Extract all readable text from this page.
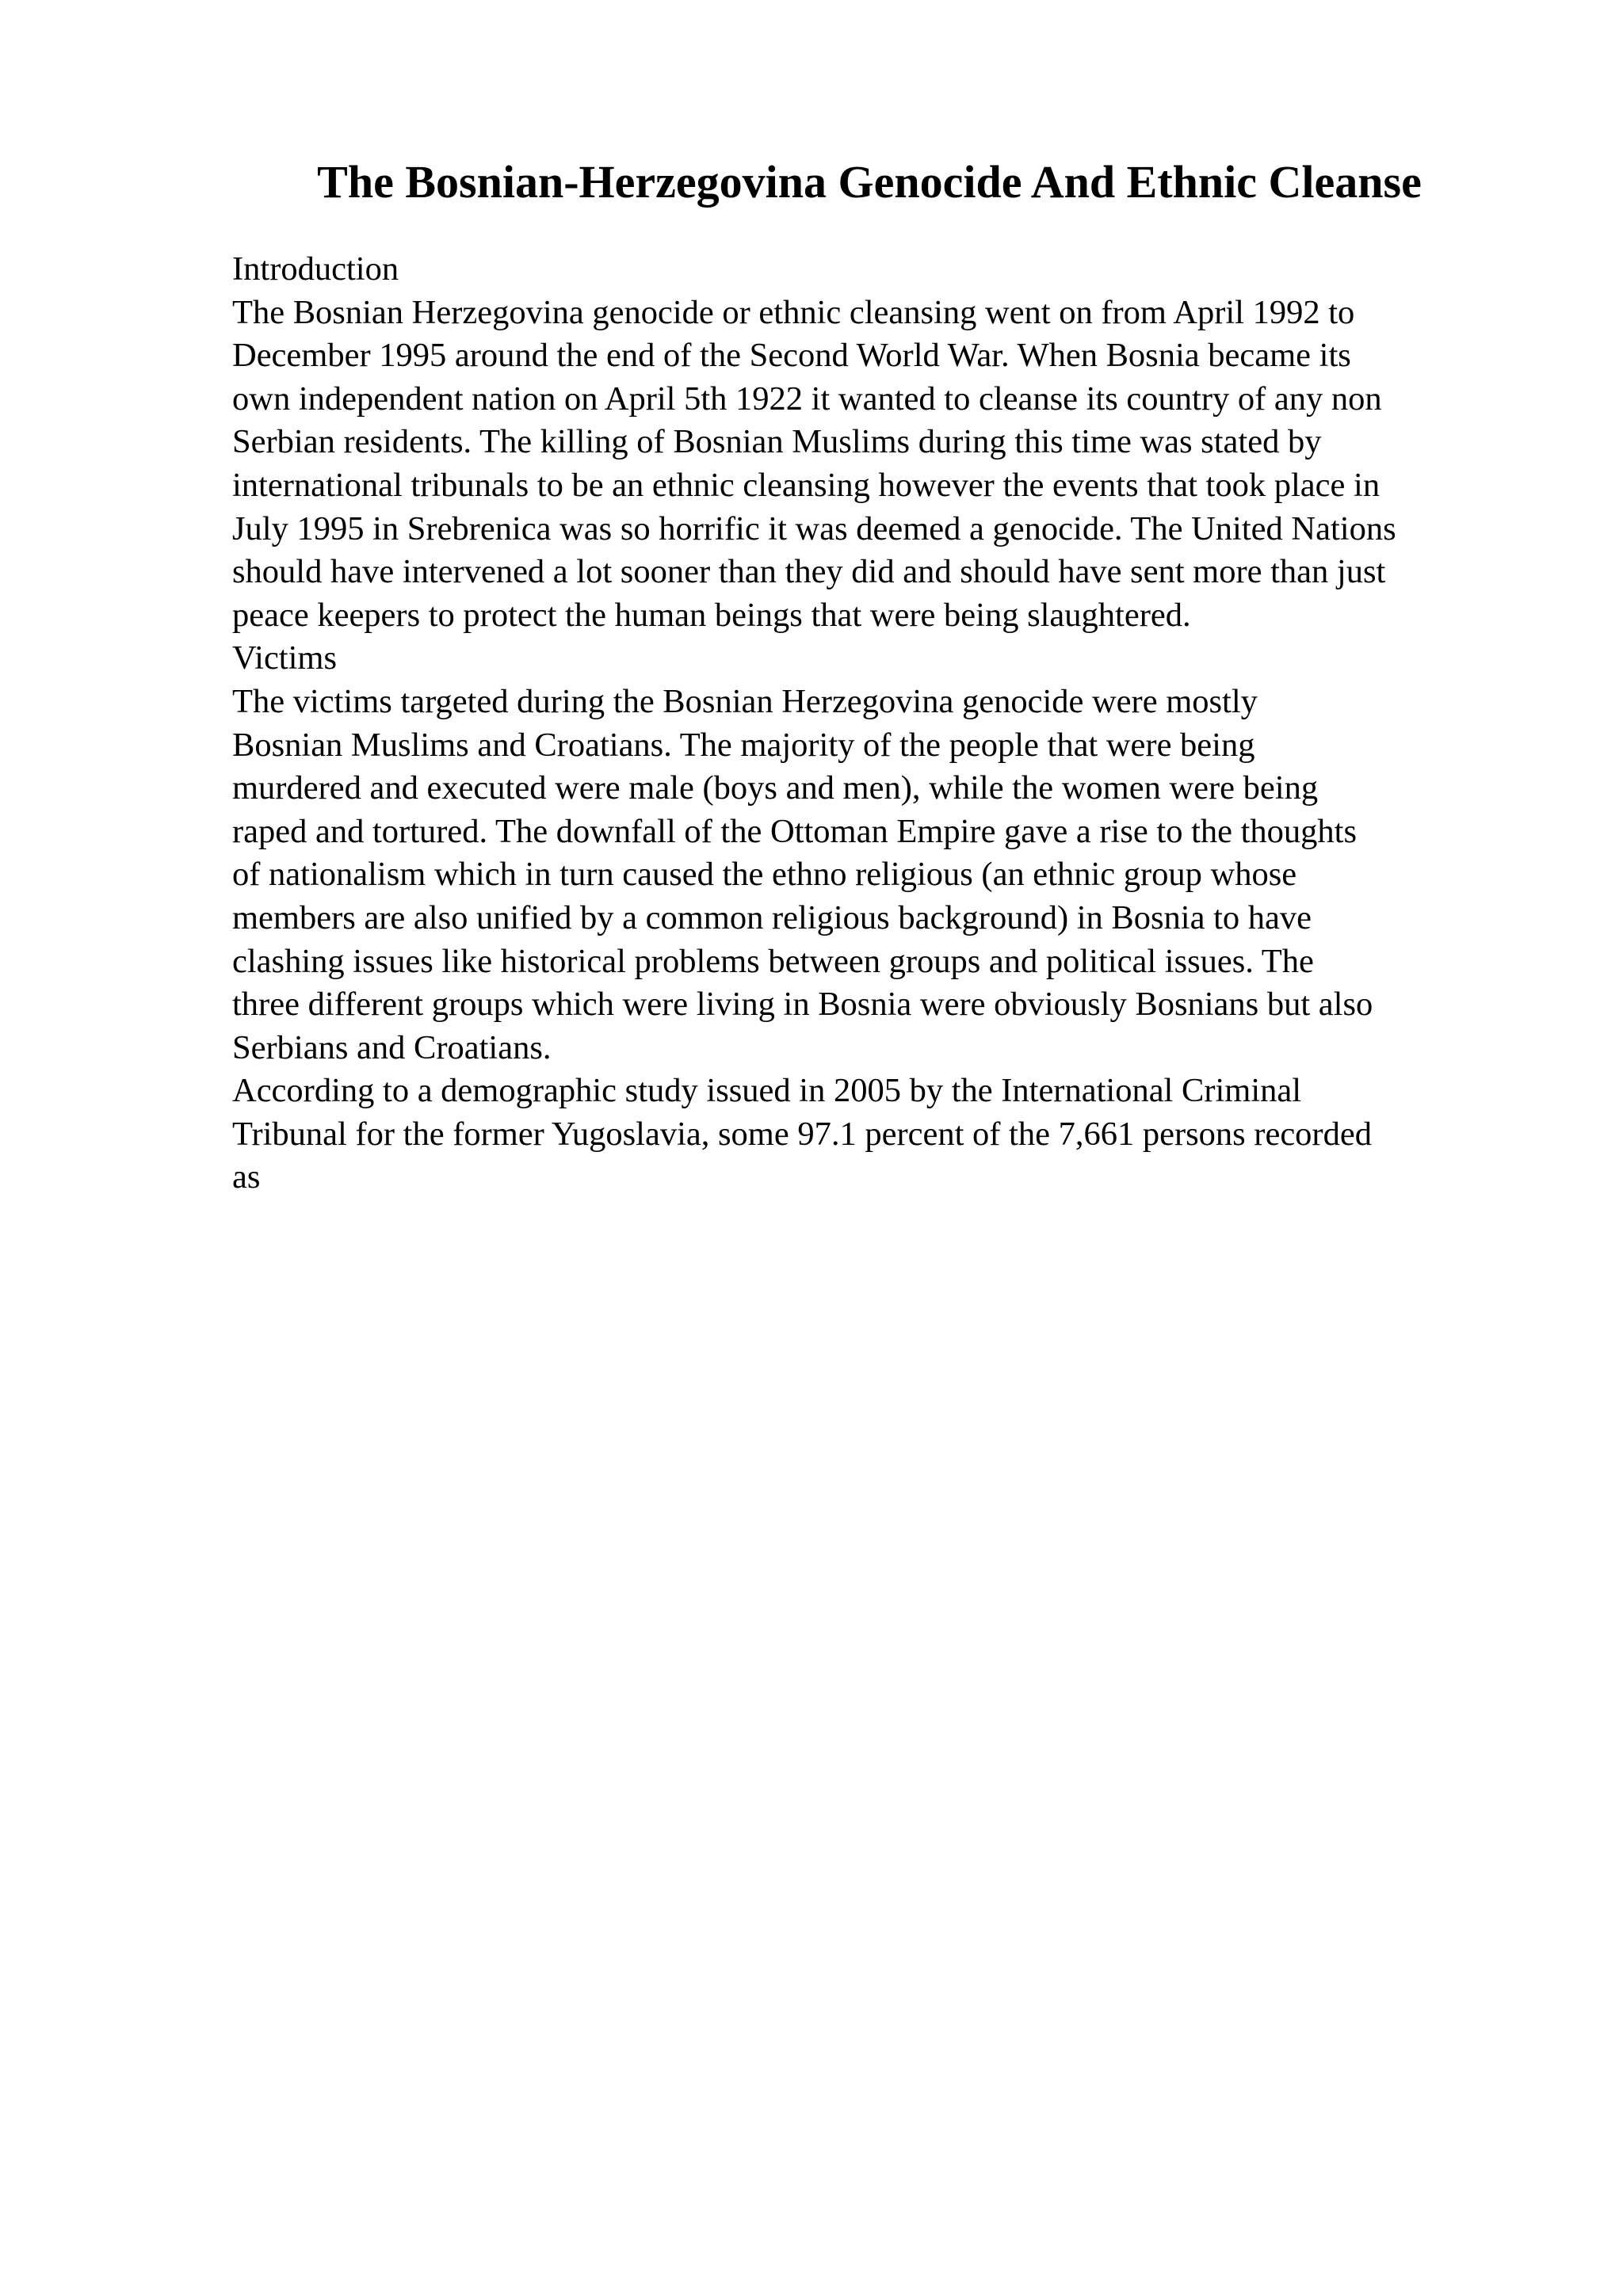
The Bosnian-Herzegovina Genocide And Ethnic Cleanse
Introduction
The Bosnian Herzegovina genocide or ethnic cleansing went on from April 1992 to
December 1995 around the end of the Second World War. When Bosnia became its
own independent nation on April 5th 1922 it wanted to cleanse its country of any non
Serbian residents. The killing of Bosnian Muslims during this time was stated by
international tribunals to be an ethnic cleansing however the events that took place in
July 1995 in Srebrenica was so horrific it was deemed a genocide. The United Nations
should have intervened a lot sooner than they did and should have sent more than just
peace keepers to protect the human beings that were being slaughtered.
Victims
The victims targeted during the Bosnian Herzegovina genocide were mostly
Bosnian Muslims and Croatians. The majority of the people that were being
murdered and executed were male (boys and men), while the women were being
raped and tortured. The downfall of the Ottoman Empire gave a rise to the thoughts
of nationalism which in turn caused the ethno religious (an ethnic group whose
members are also unified by a common religious background) in Bosnia to have
clashing issues like historical problems between groups and political issues. The
three different groups which were living in Bosnia were obviously Bosnians but also
Serbians and Croatians.
According to a demographic study issued in 2005 by the International Criminal
Tribunal for the former Yugoslavia, some 97.1 percent of the 7,661 persons recorded
as
